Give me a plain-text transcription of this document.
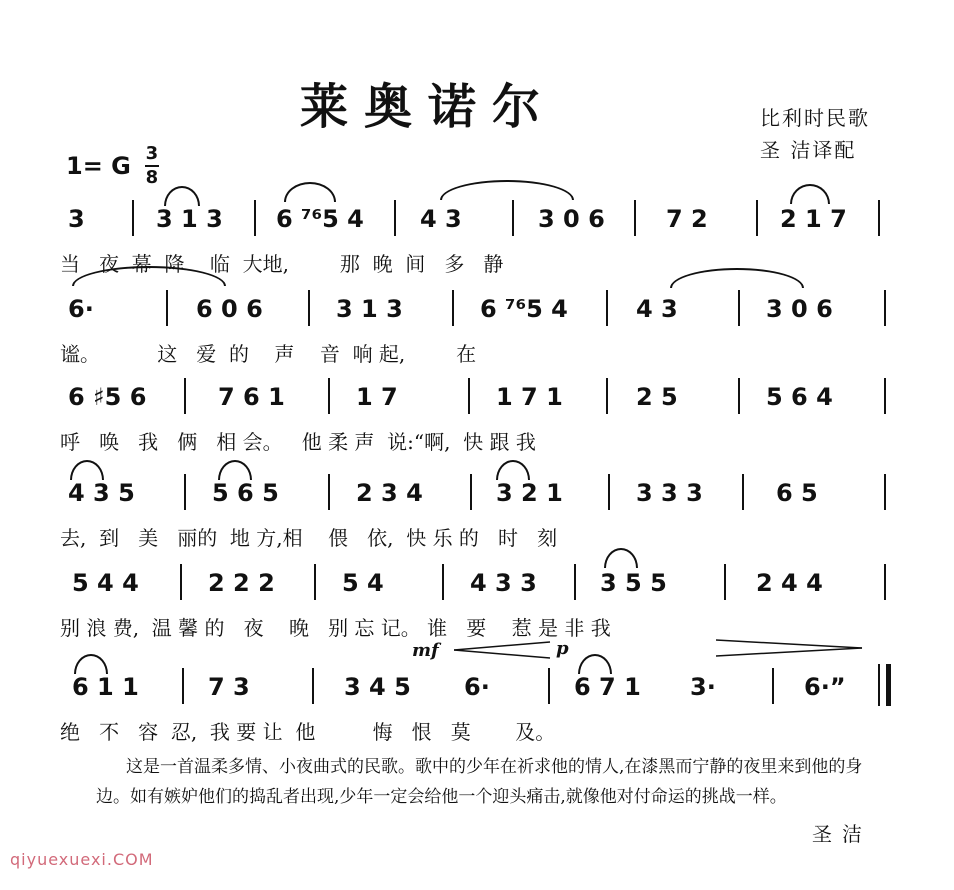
莱奥诺尔	比利时民歌
圣 洁译配
1= G 3
8
3	3 1 3 6 ⁷⁶5 4 4 3	3 0 6	7 2	2 1 7
当   夜  幕  降    临  大地,        那  晚  间   多   静
6·	6 0 6	3 1 3	6 ⁷⁶5 4	4 3	3 0 6
谧。         这   爱  的    声    音  响 起,        在
6 ♯5 6	7 6 1	1 7	1 7 1	2 5	5 6 4
呼   唤   我   俩   相 会。   他 柔 声  说:“啊,  快 跟 我
4 3 5	5 6 5	2 3 4	3 2 1	3 3 3	6 5
去,  到   美   丽的  地 方,相    偎   依,  快 乐 的   时   刻
5 4 4	2 2 2	5 4	4 3 3	3 5 5	2 4 4
别 浪 费,  温 馨 的   夜    晚   别 忘 记。 谁   要    惹 是 非 我
mf	p
6 1 1	7 3	3 4 5 6·	6 7 1 3·	6·”
绝   不   容  忍,  我 要 让  他         悔   恨   莫       及。
这是一首温柔多情、小夜曲式的民歌。歌中的少年在祈求他的情人,在漆黑而宁静的夜里来到他的身边。如有嫉妒他们的捣乱者出现,少年一定会给他一个迎头痛击,就像他对付命运的挑战一样。
圣洁
qiyuexuexi.COM
